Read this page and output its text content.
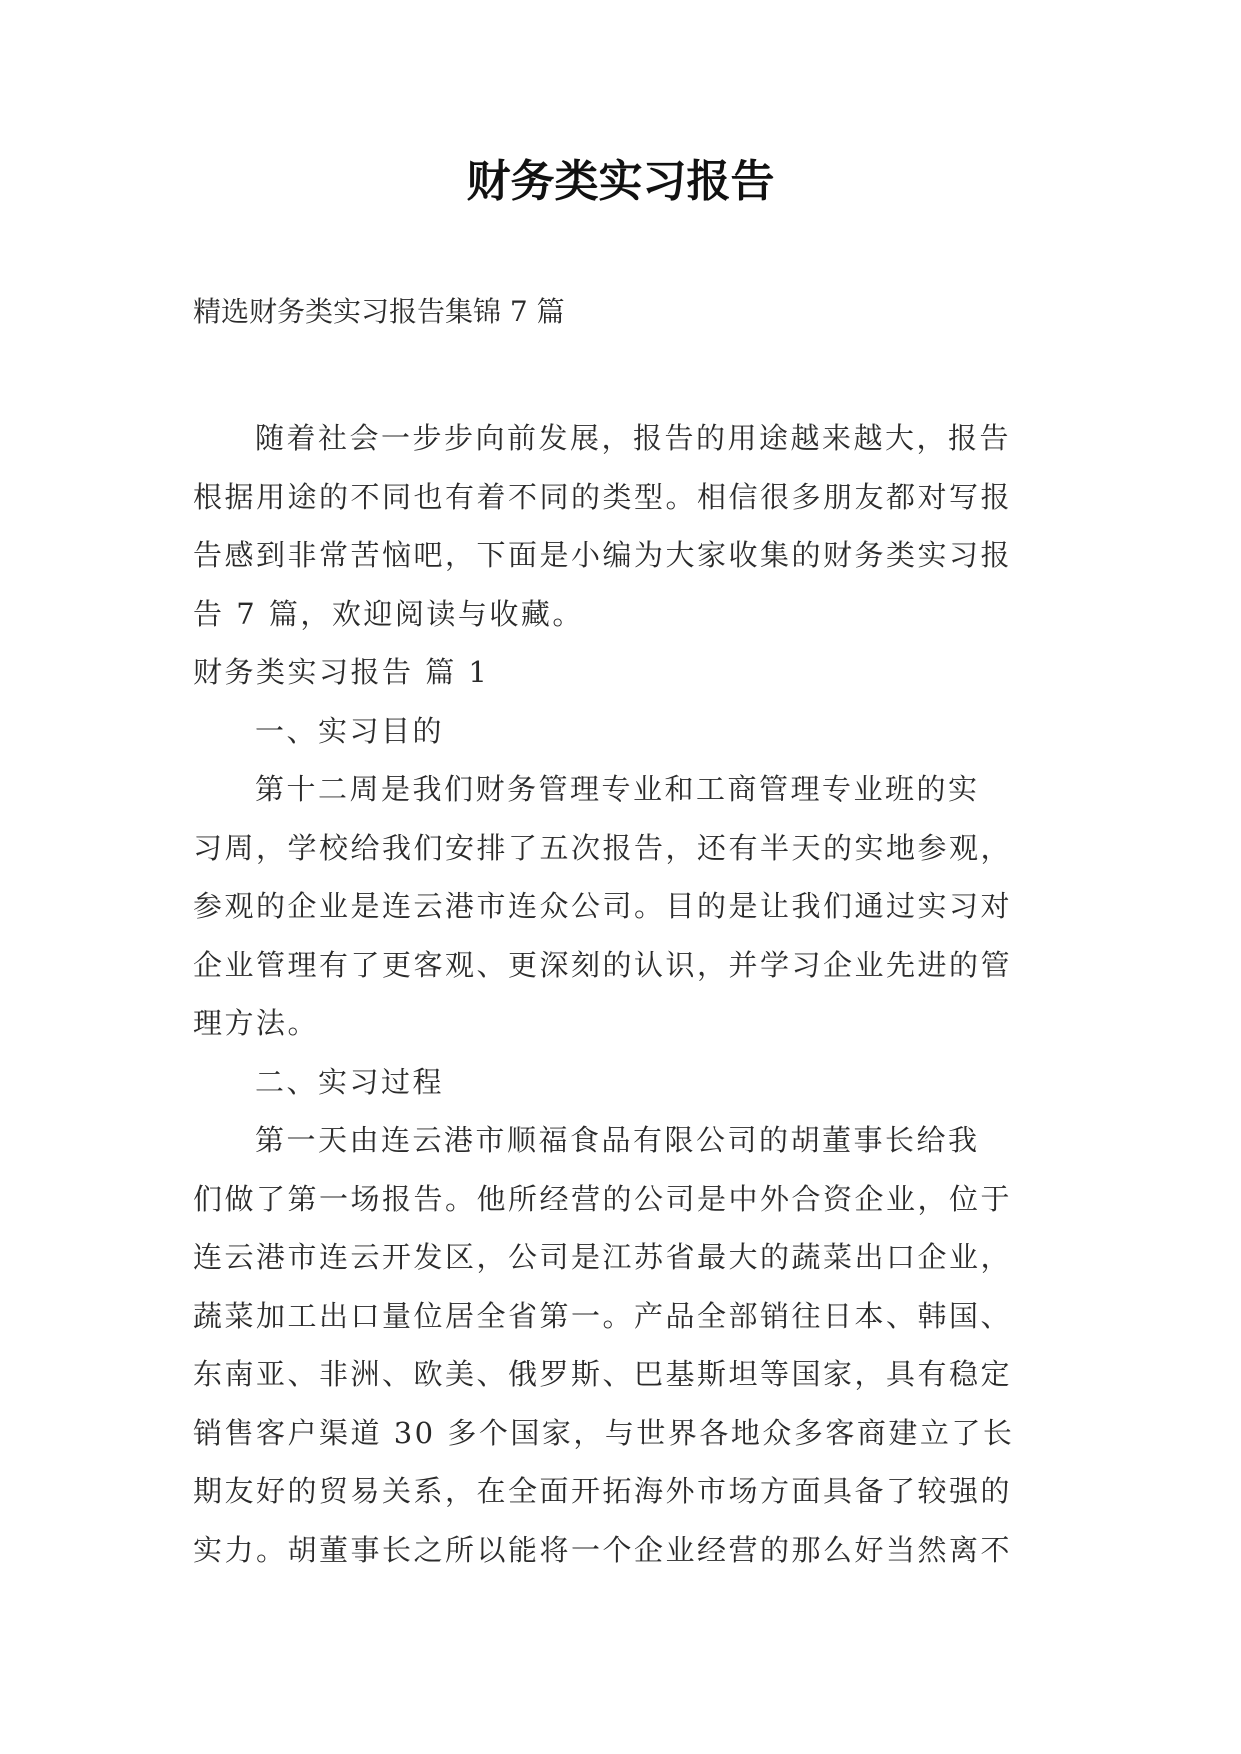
财务类实习报告

精选财务类实习报告集锦 7 篇

随着社会一步步向前发展，报告的用途越来越大，报告

根据用途的不同也有着不同的类型。相信很多朋友都对写报

告感到非常苦恼吧，下面是小编为大家收集的财务类实习报

告 7 篇，欢迎阅读与收藏。

财务类实习报告 篇 1

一、实习目的

第十二周是我们财务管理专业和工商管理专业班的实

习周，学校给我们安排了五次报告，还有半天的实地参观，

参观的企业是连云港市连众公司。目的是让我们通过实习对

企业管理有了更客观、更深刻的认识，并学习企业先进的管

理方法。

二、实习过程

第一天由连云港市顺福食品有限公司的胡董事长给我

们做了第一场报告。他所经营的公司是中外合资企业，位于

连云港市连云开发区，公司是江苏省最大的蔬菜出口企业，

蔬菜加工出口量位居全省第一。产品全部销往日本、韩国、

东南亚、非洲、欧美、俄罗斯、巴基斯坦等国家，具有稳定

销售客户渠道 30 多个国家，与世界各地众多客商建立了长

期友好的贸易关系，在全面开拓海外市场方面具备了较强的

实力。胡董事长之所以能将一个企业经营的那么好当然离不
